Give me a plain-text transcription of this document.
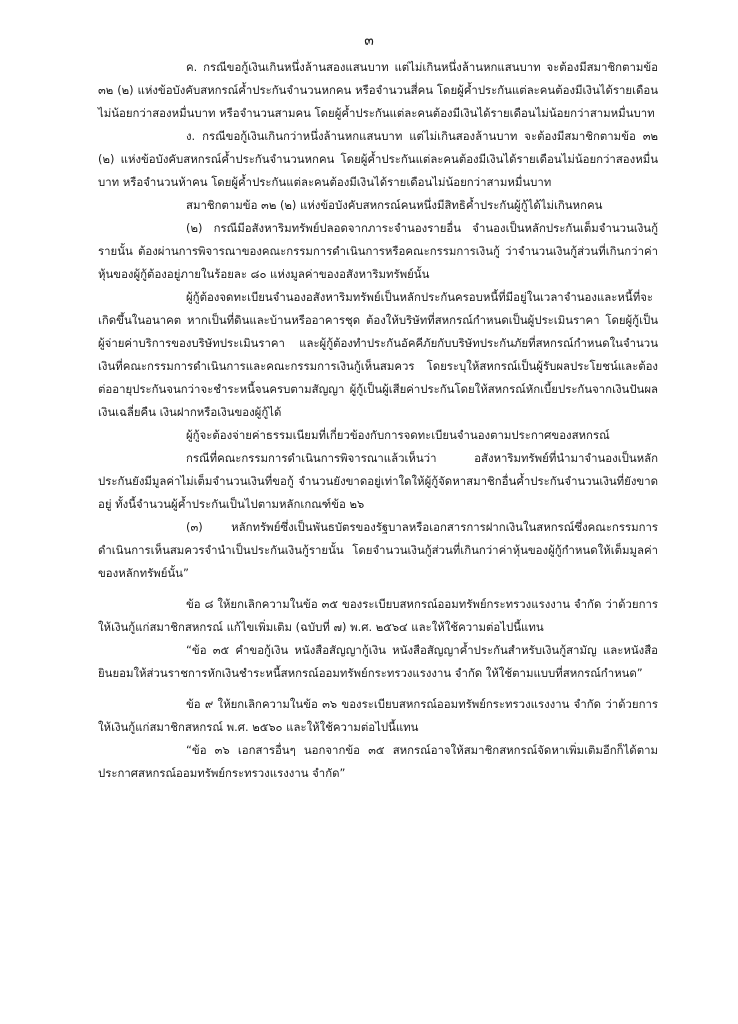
๓

ค. กรณีขอกู้เงินเกินหนึ่งล้านสองแสนบาท แต่ไม่เกินหนึ่งล้านหกแสนบาท จะต้องมีสมาชิกตามข้อ ๓๒ (๒) แห่งข้อบังคับสหกรณ์ค้ำประกันจำนวนหกคน หรือจำนวนสี่คน โดยผู้ค้ำประกันแต่ละคนต้องมีเงินได้รายเดือนไม่น้อยกว่าสองหมื่นบาท หรือจำนวนสามคน โดยผู้ค้ำประกันแต่ละคนต้องมีเงินได้รายเดือนไม่น้อยกว่าสามหมื่นบาท

ง. กรณีขอกู้เงินเกินกว่าหนึ่งล้านหกแสนบาท แต่ไม่เกินสองล้านบาท จะต้องมีสมาชิกตามข้อ ๓๒ (๒) แห่งข้อบังคับสหกรณ์ค้ำประกันจำนวนหกคน โดยผู้ค้ำประกันแต่ละคนต้องมีเงินได้รายเดือนไม่น้อยกว่าสองหมื่นบาท หรือจำนวนห้าคน โดยผู้ค้ำประกันแต่ละคนต้องมีเงินได้รายเดือนไม่น้อยกว่าสามหมื่นบาท

สมาชิกตามข้อ ๓๒ (๒) แห่งข้อบังคับสหกรณ์คนหนึ่งมีสิทธิค้ำประกันผู้กู้ได้ไม่เกินหกคน

(๒) กรณีมีอสังหาริมทรัพย์ปลอดจากภาระจำนองรายอื่น จำนองเป็นหลักประกันเต็มจำนวนเงินกู้รายนั้น ต้องผ่านการพิจารณาของคณะกรรมการดำเนินการหรือคณะกรรมการเงินกู้ ว่าจำนวนเงินกู้ส่วนที่เกินกว่าค่าหุ้นของผู้กู้ต้องอยู่ภายในร้อยละ ๘๐ แห่งมูลค่าของอสังหาริมทรัพย์นั้น

ผู้กู้ต้องจดทะเบียนจำนองอสังหาริมทรัพย์เป็นหลักประกันครอบหนี้ที่มีอยู่ในเวลาจำนองและหนี้ที่จะเกิดขึ้นในอนาคต หากเป็นที่ดินและบ้านหรืออาคารชุด ต้องให้บริษัทที่สหกรณ์กำหนดเป็นผู้ประเมินราคา โดยผู้กู้เป็นผู้จ่ายค่าบริการของบริษัทประเมินราคา และผู้กู้ต้องทำประกันอัคคีภัยกับบริษัทประกันภัยที่สหกรณ์กำหนดในจำนวนเงินที่คณะกรรมการดำเนินการและคณะกรรมการเงินกู้เห็นสมควร โดยระบุให้สหกรณ์เป็นผู้รับผลประโยชน์และต้องต่ออายุประกันจนกว่าจะชำระหนี้จนครบตามสัญญา ผู้กู้เป็นผู้เสียค่าประกันโดยให้สหกรณ์หักเบี้ยประกันจากเงินปันผล เงินเฉลี่ยคืน เงินฝากหรือเงินของผู้กู้ได้

ผู้กู้จะต้องจ่ายค่าธรรมเนียมที่เกี่ยวข้องกับการจดทะเบียนจำนองตามประกาศของสหกรณ์

กรณีที่คณะกรรมการดำเนินการพิจารณาแล้วเห็นว่า อสังหาริมทรัพย์ที่นำมาจำนองเป็นหลักประกันยังมีมูลค่าไม่เต็มจำนวนเงินที่ขอกู้ จำนวนยังขาดอยู่เท่าใดให้ผู้กู้จัดหาสมาชิกอื่นค้ำประกันจำนวนเงินที่ยังขาดอยู่ ทั้งนี้จำนวนผู้ค้ำประกันเป็นไปตามหลักเกณฑ์ข้อ ๒๖

(๓) หลักทรัพย์ซึ่งเป็นพันธบัตรของรัฐบาลหรือเอกสารการฝากเงินในสหกรณ์ซึ่งคณะกรรมการดำเนินการเห็นสมควรจำนำเป็นประกันเงินกู้รายนั้น โดยจำนวนเงินกู้ส่วนที่เกินกว่าค่าหุ้นของผู้กู้กำหนดให้เต็มมูลค่าของหลักทรัพย์นั้น”

ข้อ ๘ ให้ยกเลิกความในข้อ ๓๕ ของระเบียบสหกรณ์ออมทรัพย์กระทรวงแรงงาน จำกัด ว่าด้วยการให้เงินกู้แก่สมาชิกสหกรณ์ แก้ไขเพิ่มเติม (ฉบับที่ ๗) พ.ศ. ๒๕๖๔ และให้ใช้ความต่อไปนี้แทน

“ข้อ ๓๕ คำขอกู้เงิน หนังสือสัญญากู้เงิน หนังสือสัญญาค้ำประกันสำหรับเงินกู้สามัญ และหนังสือยินยอมให้ส่วนราชการหักเงินชำระหนี้สหกรณ์ออมทรัพย์กระทรวงแรงงาน จำกัด ให้ใช้ตามแบบที่สหกรณ์กำหนด”

ข้อ ๙ ให้ยกเลิกความในข้อ ๓๖ ของระเบียบสหกรณ์ออมทรัพย์กระทรวงแรงงาน จำกัด ว่าด้วยการให้เงินกู้แก่สมาชิกสหกรณ์ พ.ศ. ๒๕๖๐ และให้ใช้ความต่อไปนี้แทน

“ข้อ ๓๖ เอกสารอื่นๆ นอกจากข้อ ๓๕ สหกรณ์อาจให้สมาชิกสหกรณ์จัดหาเพิ่มเติมอีกก็ได้ตามประกาศสหกรณ์ออมทรัพย์กระทรวงแรงงาน จำกัด”
